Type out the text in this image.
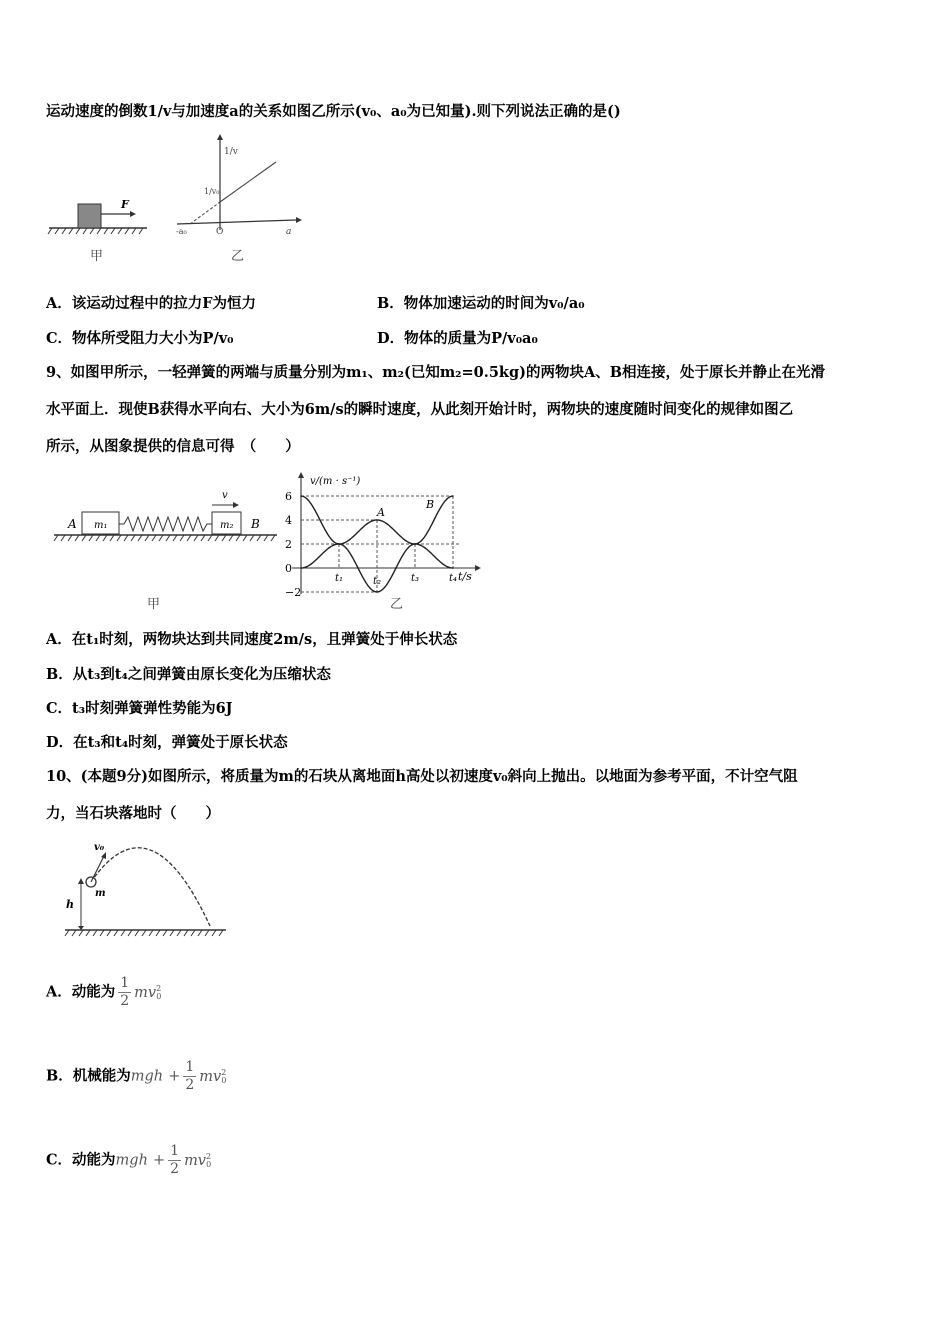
运动速度的倒数1/v与加速度a的关系如图乙所示(v₀、a₀为已知量).则下列说法正确的是()
F
甲
1/v
1/v₀
-a₀	O	a
乙
A．该运动过程中的拉力F为恒力	B．物体加速运动的时间为v₀/a₀
C．物体所受阻力大小为P/v₀	D．物体的质量为P/v₀a₀
9、如图甲所示，一轻弹簧的两端与质量分别为m₁、m₂(已知m₂=0.5kg)的两物块A、B相连接，处于原长并静止在光滑
水平面上．现使B获得水平向右、大小为6m/s的瞬时速度，从此刻开始计时，两物块的速度随时间变化的规律如图乙
所示，从图象提供的信息可得　（　　）
A	B
m₁	m₂
v
甲
v/(m · s⁻¹)
t/s
6
4
2
0
−2
t₁	t₂	t₃	t₄
A
B
乙
A．在t₁时刻，两物块达到共同速度2m/s，且弹簧处于伸长状态
B．从t₃到t₄之间弹簧由原长变化为压缩状态
C．t₃时刻弹簧弹性势能为6J
D．在t₃和t₄时刻，弹簧处于原长状态
10、(本题9分)如图所示，将质量为m的石块从离地面h高处以初速度v₀斜向上抛出。以地面为参考平面，不计空气阻
力，当石块落地时（　　）
h
v₀
m
A．动能为 $\frac{1}{2} mv^2_0$
B．机械能为mgh + $\frac{1}{2} mv^2_0$
C．动能为mgh + $\frac{1}{2} mv^2_0$
